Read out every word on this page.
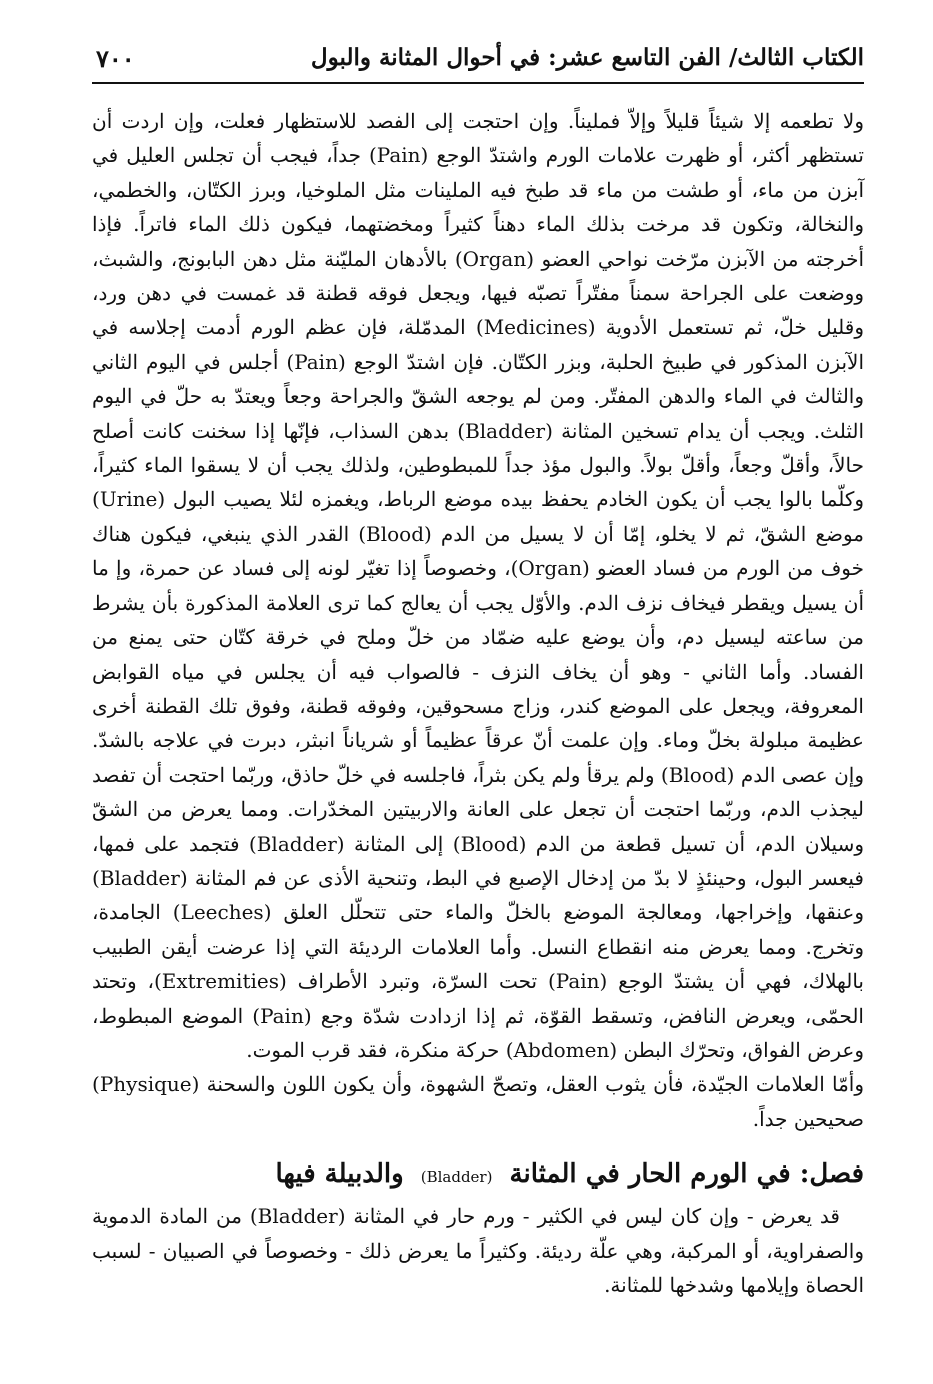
الكتاب الثالث/ الفن التاسع عشر: في أحوال المثانة والبول
٧٠٠

ولا تطعمه إلا شيئاً قليلاً وإلاّ فمليناً. وإن احتجت إلى الفصد للاستظهار فعلت، وإن اردت أن تستظهر أكثر، أو ظهرت علامات الورم واشتدّ الوجع (Pain) جداً، فيجب أن تجلس العليل في آبزن من ماء، أو طشت من ماء قد طبخ فيه الملينات مثل الملوخيا، وبرز الكتّان، والخطمي، والنخالة، وتكون قد مرخت بذلك الماء دهناً كثيراً ومخضتهما، فيكون ذلك الماء فاتراً. فإذا أخرجته من الآبزن مرّخت نواحي العضو (Organ) بالأدهان المليّنة مثل دهن البابونج، والشبث، ووضعت على الجراحة سمناً مفتّراً تصبّه فيها، ويجعل فوقه قطنة قد غمست في دهن ورد، وقليل خلّ، ثم تستعمل الأدوية (Medicines) المدمّلة، فإن عظم الورم أدمت إجلاسه في الآبزن المذكور في طبيخ الحلبة، وبزر الكتّان. فإن اشتدّ الوجع (Pain) أجلس في اليوم الثاني والثالث في الماء والدهن المفتّر. ومن لم يوجعه الشقّ والجراحة وجعاً ويعتدّ به حلّ في اليوم الثلث. ويجب أن يدام تسخين المثانة (Bladder) بدهن السذاب، فإنّها إذا سخنت كانت أصلح حالاً، وأقلّ وجعاً، وأقلّ بولاً. والبول مؤذ جداً للمبطوطين، ولذلك يجب أن لا يسقوا الماء كثيراً، وكلّما بالوا يجب أن يكون الخادم يحفظ بيده موضع الرباط، ويغمزه لئلا يصيب البول (Urine) موضع الشقّ، ثم لا يخلو، إمّا أن لا يسيل من الدم (Blood) القدر الذي ينبغي، فيكون هناك خوف من الورم من فساد العضو (Organ)، وخصوصاً إذا تغيّر لونه إلى فساد عن حمرة، وإ ما أن يسيل ويقطر فيخاف نزف الدم. والأوّل يجب أن يعالج كما ترى العلامة المذكورة بأن يشرط من ساعته ليسيل دم، وأن يوضع عليه ضمّاد من خلّ وملح في خرقة كتّان حتى يمنع من الفساد. وأما الثاني - وهو أن يخاف النزف - فالصواب فيه أن يجلس في مياه القوابض المعروفة، ويجعل على الموضع كندر، وزاج مسحوقين، وفوقه قطنة، وفوق تلك القطنة أخرى عظيمة مبلولة بخلّ وماء. وإن علمت أنّ عرقاً عظيماً أو شرياناً انبثر، دبرت في علاجه بالشدّ. وإن عصى الدم (Blood) ولم يرقأ ولم يكن بثراً، فاجلسه في خلّ حاذق، وربّما احتجت أن تفصد ليجذب الدم، وربّما احتجت أن تجعل على العانة والاربيتين المخدّرات. ومما يعرض من الشقّ وسيلان الدم، أن تسيل قطعة من الدم (Blood) إلى المثانة (Bladder) فتجمد على فمها، فيعسر البول، وحينئذٍ لا بدّ من إدخال الإصبع في البط، وتنحية الأذى عن فم المثانة (Bladder) وعنقها، وإخراجها، ومعالجة الموضع بالخلّ والماء حتى تتحلّل العلق (Leeches) الجامدة، وتخرج. ومما يعرض منه انقطاع النسل. وأما العلامات الرديئة التي إذا عرضت أيقن الطبيب بالهلاك، فهي أن يشتدّ الوجع (Pain) تحت السرّة، وتبرد الأطراف (Extremities)، وتحتد الحمّى، ويعرض النافض، وتسقط القوّة، ثم إذا ازدادت شدّة وجع (Pain) الموضع المبطوط، وعرض الفواق، وتحرّك البطن (Abdomen) حركة منكرة، فقد قرب الموت.

وأمّا العلامات الجيّدة، فأن يثوب العقل، وتصحّ الشهوة، وأن يكون اللون والسحنة (Physique) صحيحين جداً.

فصل: في الورم الحار في المثانة (Bladder) والدبيلة فيها

قد يعرض - وإن كان ليس في الكثير - ورم حار في المثانة (Bladder) من المادة الدموية والصفراوية، أو المركبة، وهي علّة رديئة. وكثيراً ما يعرض ذلك - وخصوصاً في الصبيان - لسبب الحصاة وإيلامها وشدخها للمثانة.
